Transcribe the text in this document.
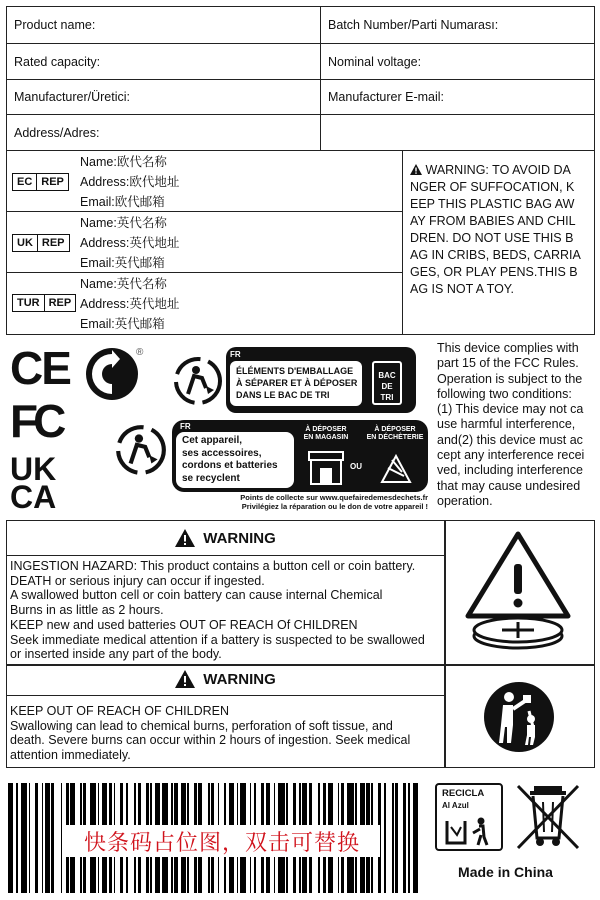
Product name:	Batch Number/Parti Numarası:
Rated capacity:	Nominal voltage:
Manufacturer/Üretici:	Manufacturer E-mail:
Address/Adres:
EC REP
Name:欧代名称
Address:欧代地址
Email:欧代邮箱
UK REP
Name:英代名称
Address:英代地址
Email:英代邮箱
TUR REP
Name:英代名称
Address:英代地址
Email:英代邮箱
WARNING: TO AVOID DA
NGER OF SUFFOCATION, K
EEP THIS PLASTIC BAG AW
AY FROM BABIES AND CHIL
DREN. DO NOT USE THIS B
AG IN CRIBS, BEDS, CARRIA
GES, OR PLAY PENS.THIS B
AG IS NOT A TOY.
CE
FC
UK
CA
®	FR
ÉLÉMENTS D'EMBALLAGE
À SÉPARER ET À DÉPOSER
DANS LE BAC DE TRI
BAC
DE
TRI
FR
Cet appareil,
ses accessoires,
cordons et batteries
se recyclent
À DÉPOSER
EN MAGASIN
OU
À DÉPOSER
EN DÉCHÈTERIE
Points de collecte sur www.quefairedemesdechets.fr
Privilégiez la réparation ou le don de votre appareil !
This device complies with
part 15 of the FCC Rules.
Operation is subject to the
following two conditions:
(1) This device may not ca
use harmful interference,
and(2) this device must ac
cept any interference recei
ved, including interference
that may cause undesired
operation.
WARNING
INGESTION HAZARD: This product contains a button cell or coin battery.
DEATH or serious injury can occur if ingested.
A swallowed button cell or coin battery can cause internal Chemical
Burns in as little as 2 hours.
KEEP new and used batteries OUT OF REACH Of CHILDREN
Seek immediate medical attention if a battery is suspected to be swallowed
or inserted inside any part of the body.
WARNING
KEEP OUT OF REACH OF CHILDREN
Swallowing can lead to chemical burns, perforation of soft tissue, and
death. Severe burns can occur within 2 hours of ingestion. Seek medical
attention immediately.
快条码占位图，双击可替换
RECICLA
Al Azul
Made in China
